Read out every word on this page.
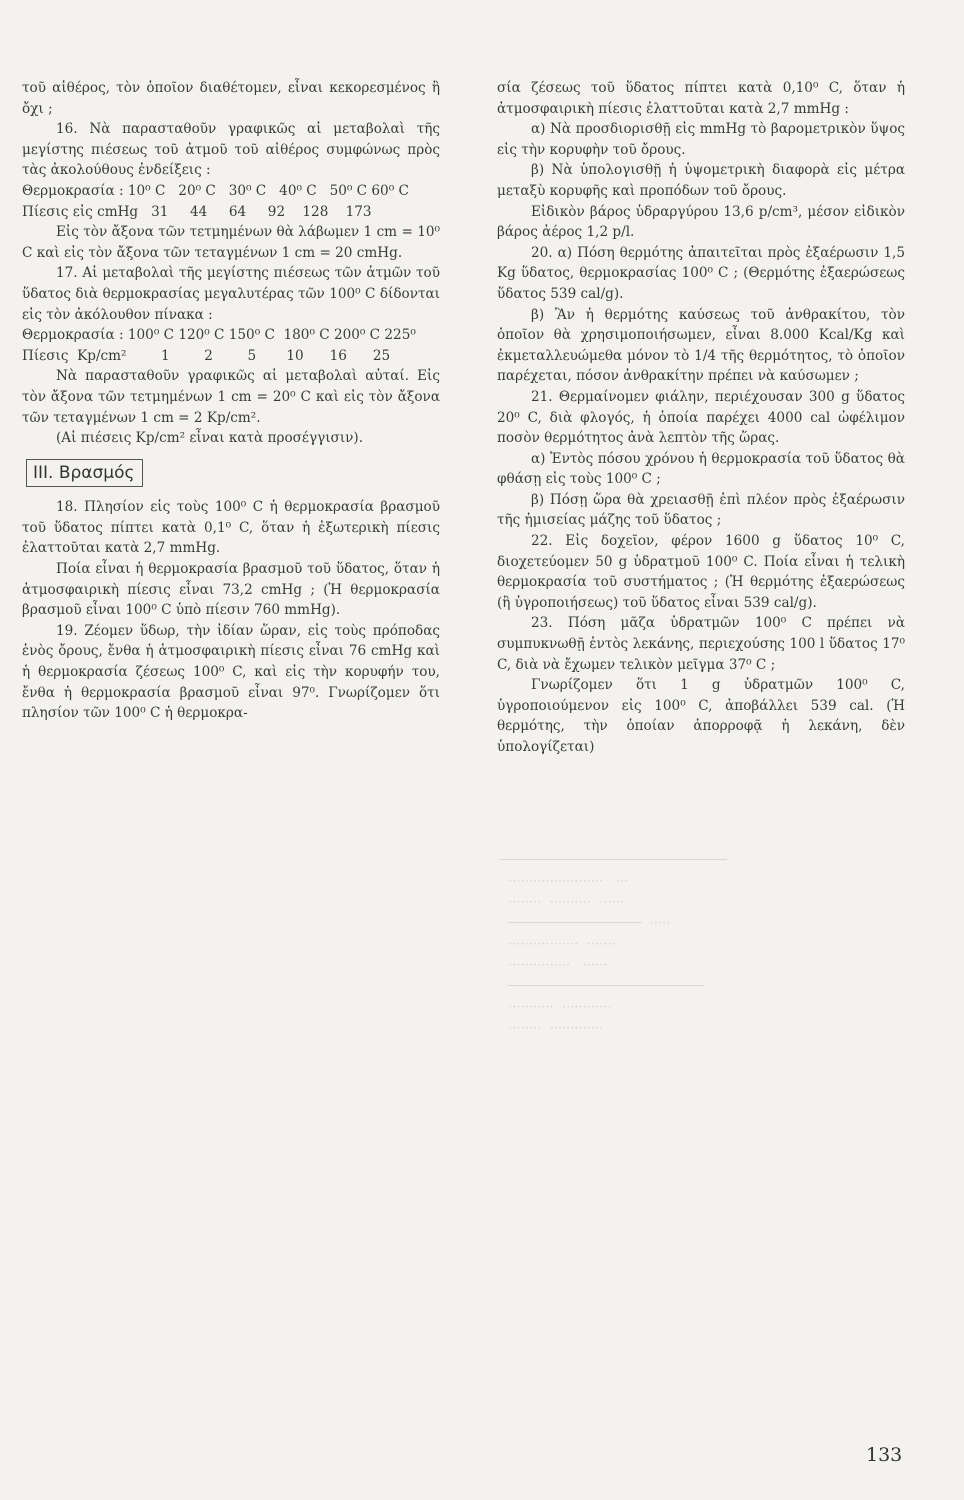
─────────────────────────────
·······················   ···
········  ··········  ······
─────────────────  ·····
·················  ·······
···············   ······
─────────────────────────
···········  ············
········  ·············

τοῦ αἰθέρος, τὸν ὁποῖον διαθέτομεν, εἶναι κεκορεσμένος ἢ ὄχι ;

16. Νὰ παρασταθοῦν γραφικῶς αἱ μεταβολαὶ τῆς μεγίστης πιέσεως τοῦ ἀτμοῦ τοῦ αἰθέρος συμφώνως πρὸς τὰς ἀκολούθους ἐνδείξεις :

Θερμοκρασία : 10⁰ C   20⁰ C   30⁰ C   40⁰ C   50⁰ C 60⁰ C

Πίεσις εἰς cmHg   31     44     64     92    128    173

Εἰς τὸν ἄξονα τῶν τετμημένων θὰ λάβωμεν 1 cm = 10⁰ C καὶ εἰς τὸν ἄξονα τῶν τεταγμένων 1 cm = 20 cmHg.

17. Αἱ μεταβολαὶ τῆς μεγίστης πιέσεως τῶν ἀτμῶν τοῦ ὕδατος διὰ θερμοκρασίας μεγαλυτέρας τῶν 100⁰ C δίδονται εἰς τὸν ἀκόλουθον πίνακα :

Θερμοκρασία : 100⁰ C 120⁰ C 150⁰ C  180⁰ C 200⁰ C 225⁰

Πίεσις  Kp/cm²        1        2        5       10      16      25

Νὰ παρασταθοῦν γραφικῶς αἱ μεταβολαὶ αὐταί. Εἰς τὸν ἄξονα τῶν τετμημένων 1 cm = 20⁰ C καὶ εἰς τὸν ἄξονα τῶν τεταγμένων 1 cm = 2 Kp/cm².

(Αἱ πιέσεις Kp/cm² εἶναι κατὰ προσέγγισιν).

ΙΙΙ. Βρασμός

18. Πλησίον εἰς τοὺς 100⁰ C ἡ θερμοκρασία βρασμοῦ τοῦ ὕδατος πίπτει κατὰ 0,1⁰ C, ὅταν ἡ ἐξωτερικὴ πίεσις ἐλαττοῦται κατὰ 2,7 mmHg.

Ποία εἶναι ἡ θερμοκρασία βρασμοῦ τοῦ ὕδατος, ὅταν ἡ ἀτμοσφαιρικὴ πίεσις εἶναι 73,2 cmHg ; (Ἡ θερμοκρασία βρασμοῦ εἶναι 100⁰ C ὑπὸ πίεσιν 760 mmHg).

19. Ζέομεν ὕδωρ, τὴν ἰδίαν ὥραν, εἰς τοὺς πρόποδας ἑνὸς ὄρους, ἔνθα ἡ ἀτμοσφαιρικὴ πίεσις εἶναι 76 cmHg καὶ ἡ θερμοκρασία ζέσεως 100⁰ C, καὶ εἰς τὴν κορυφήν του, ἔνθα ἡ θερμοκρασία βρασμοῦ εἶναι 97⁰. Γνωρίζομεν ὅτι πλησίον τῶν 100⁰ C ἡ θερμοκρα-

σία ζέσεως τοῦ ὕδατος πίπτει κατὰ 0,10⁰ C, ὅταν ἡ ἀτμοσφαιρικὴ πίεσις ἐλαττοῦται κατὰ 2,7 mmHg :

α) Νὰ προσδιορισθῇ εἰς mmHg τὸ βαρομετρικὸν ὕψος εἰς τὴν κορυφὴν τοῦ ὄρους.

β) Νὰ ὑπολογισθῇ ἡ ὑψομετρικὴ διαφορὰ εἰς μέτρα μεταξὺ κορυφῆς καὶ προπόδων τοῦ ὄρους.

Εἰδικὸν βάρος ὑδραργύρου 13,6 p/cm³, μέσον εἰδικὸν βάρος ἀέρος 1,2 p/l.

20. α) Πόση θερμότης ἀπαιτεῖται πρὸς ἐξαέρωσιν 1,5 Kg ὕδατος, θερμοκρασίας 100⁰ C ; (Θερμότης ἐξαερώσεως ὕδατος 539 cal/g).

β) Ἂν ἡ θερμότης καύσεως τοῦ ἀνθρακίτου, τὸν ὁποῖον θὰ χρησιμοποιήσωμεν, εἶναι 8.000 Kcal/Kg καὶ ἐκμεταλλευώμεθα μόνον τὸ 1/4 τῆς θερμότητος, τὸ ὁποῖον παρέχεται, πόσον ἀνθρακίτην πρέπει νὰ καύσωμεν ;

21. Θερμαίνομεν φιάλην, περιέχουσαν 300 g ὕδατος 20⁰ C, διὰ φλογός, ἡ ὁποία παρέχει 4000 cal ὠφέλιμον ποσὸν θερμότητος ἀνὰ λεπτὸν τῆς ὥρας.

α) Ἐντὸς πόσου χρόνου ἡ θερμοκρασία τοῦ ὕδατος θὰ φθάσῃ εἰς τοὺς 100⁰ C ;

β) Πόσῃ ὥρα θὰ χρειασθῇ ἐπὶ πλέον πρὸς ἐξαέρωσιν τῆς ἡμισείας μάζης τοῦ ὕδατος ;

22. Εἰς δοχεῖον, φέρον 1600 g ὕδατος 10⁰ C, διοχετεύομεν 50 g ὑδρατμοῦ 100⁰ C. Ποία εἶναι ἡ τελικὴ θερμοκρασία τοῦ συστήματος ; (Ἡ θερμότης ἐξαερώσεως (ἢ ὑγροποιήσεως) τοῦ ὕδατος εἶναι 539 cal/g).

23. Πόση μᾶζα ὑδρατμῶν 100⁰ C πρέπει νὰ συμπυκνωθῇ ἐντὸς λεκάνης, περιεχούσης 100 l ὕδατος 17⁰ C, διὰ νὰ ἔχωμεν τελικὸν μεῖγμα 37⁰ C ;

Γνωρίζομεν ὅτι 1 g ὑδρατμῶν 100⁰ C, ὑγροποιούμενον εἰς 100⁰ C, ἀποβάλλει 539 cal. (Ἡ θερμότης, τὴν ὁποίαν ἀπορροφᾷ ἡ λεκάνη, δὲν ὑπολογίζεται)

133
